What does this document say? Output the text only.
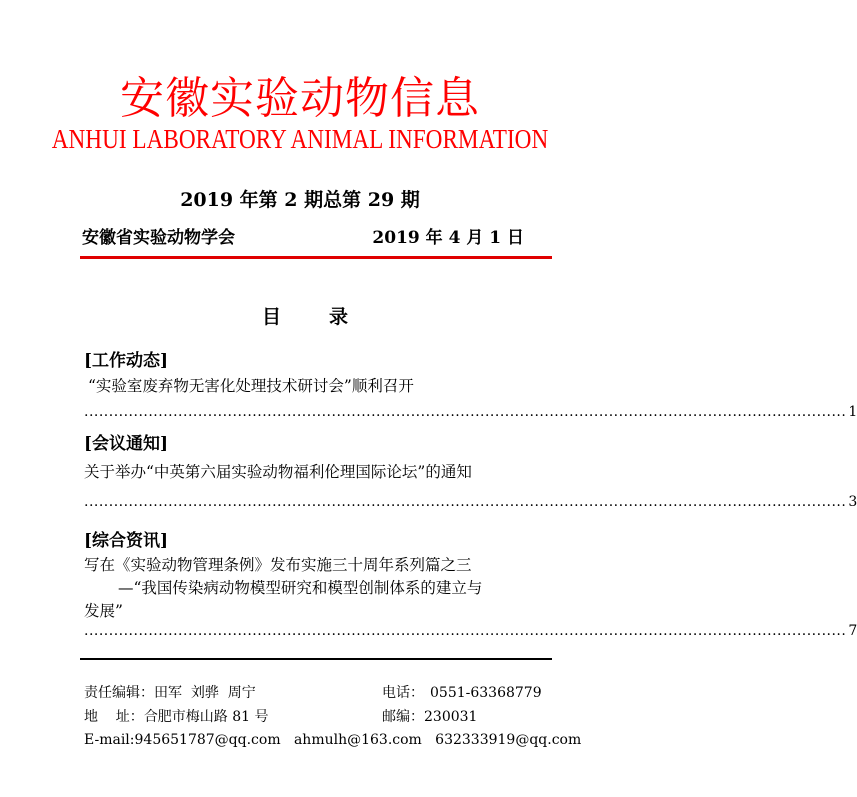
安徽实验动物信息
ANHUI LABORATORY ANIMAL INFORMATION
2019 年第 2 期总第 29 期
安徽省实验动物学会	2019 年 4 月 1 日
目录
[工作动态]
“实验室废弃物无害化处理技术研讨会”顺利召开
.......................................................................................................................................................... 1
[会议通知]
关于举办“中英第六届实验动物福利伦理国际论坛”的通知
.......................................................................................................................................................... 3
[综合资讯]
写在《实验动物管理条例》发布实施三十周年系列篇之三
—“我国传染病动物模型研究和模型创制体系的建立与
发展”
.......................................................................................................................................................... 7
责任编辑：田军  刘骅  周宁	电话： 0551-63368779
地    址：合肥市梅山路 81 号	邮编：230031
E-mail:945651787@qq.com   ahmulh@163.com   632333919@qq.com
